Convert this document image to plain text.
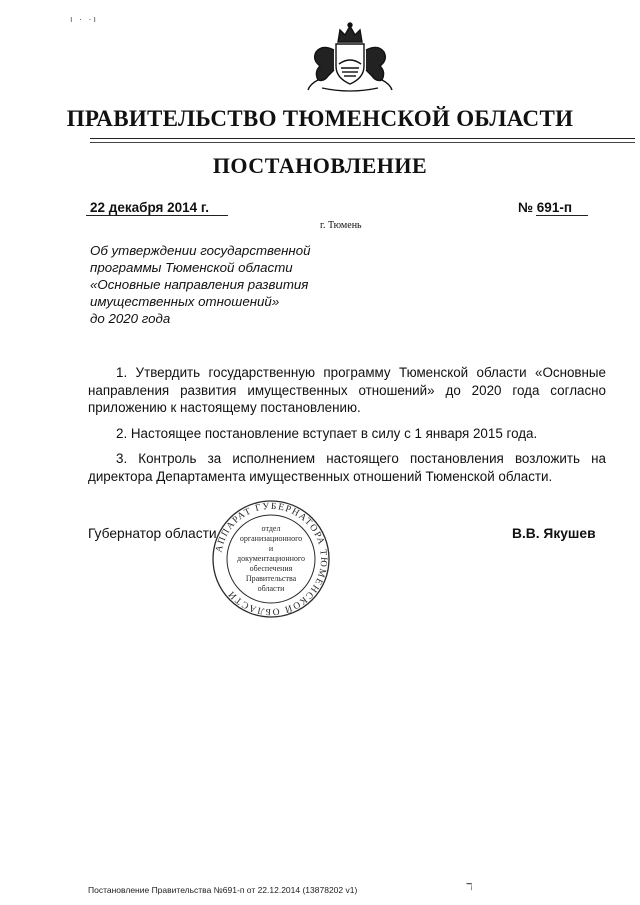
ı · ·ı
ПРАВИТЕЛЬСТВО ТЮМЕНСКОЙ ОБЛАСТИ
ПОСТАНОВЛЕНИЕ
22 декабря 2014 г.
г. Тюмень
№ 691-п
Об утверждении государственной
программы Тюменской области
«Основные направления развития
имущественных отношений»
до 2020 года

1. Утвердить государственную программу Тюменской области «Основные направления развития имущественных отношений» до 2020 года согласно приложению к настоящему постановлению.

2. Настоящее постановление вступает в силу с 1 января 2015 года.

3. Контроль за исполнением настоящего постановления возложить на директора Департамента имущественных отношений Тюменской области.

Губернатор области	В.В. Якушев
АППАРАТ ГУБЕРНАТОРА ТЮМЕНСКОЙ ОБЛАСТИ
отдел
организационного
и
документационного
обеспечения
Правительства
области
Постановление Правительства №691-п от 22.12.2014 (13878202 v1)	ℸ
